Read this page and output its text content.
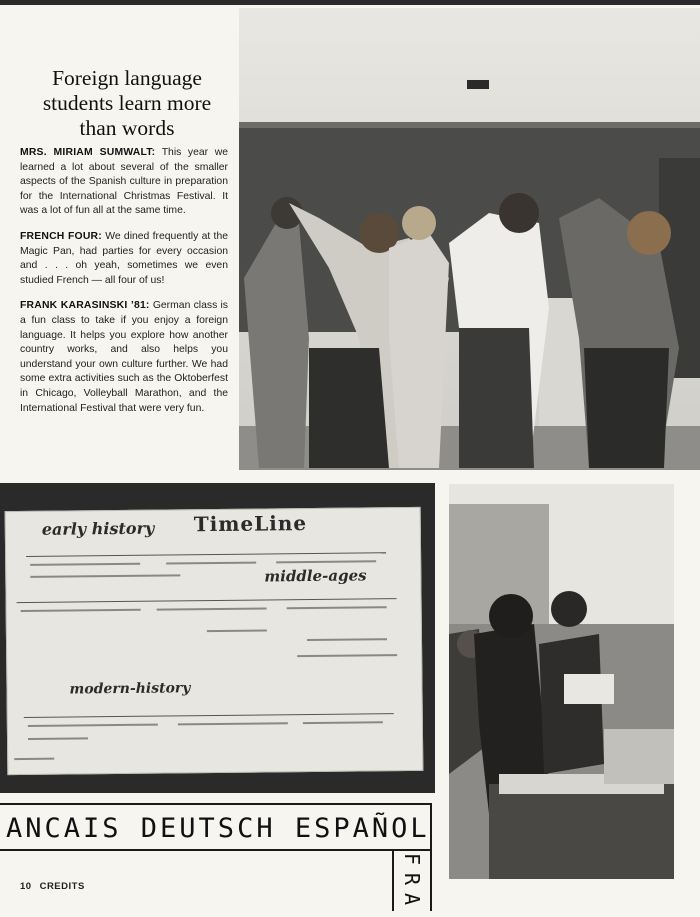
Foreign language
students learn more
than words

MRS. MIRIAM SUMWALT: This year we learned a lot about several of the smaller aspects of the Spanish culture in preparation for the International Christmas Festival. It was a lot of fun all at the same time.

FRENCH FOUR: We dined frequently at the Magic Pan, had parties for every occasion and . . . oh yeah, sometimes we even studied French — all four of us!

FRANK KARASINSKI ’81: German class is a fun class to take if you enjoy a foreign language. It helps you explore how another country works, and also helps you understand your own culture further. We had some extra activities such as the Oktoberfest in Chicago, Volleyball Marathon, and the International Festival that were very fun.

early history TimeLine
middle-ages
modern-history
ANCAIS DEUTSCH ESPAÑOL
F
R
A
10 CREDITS
